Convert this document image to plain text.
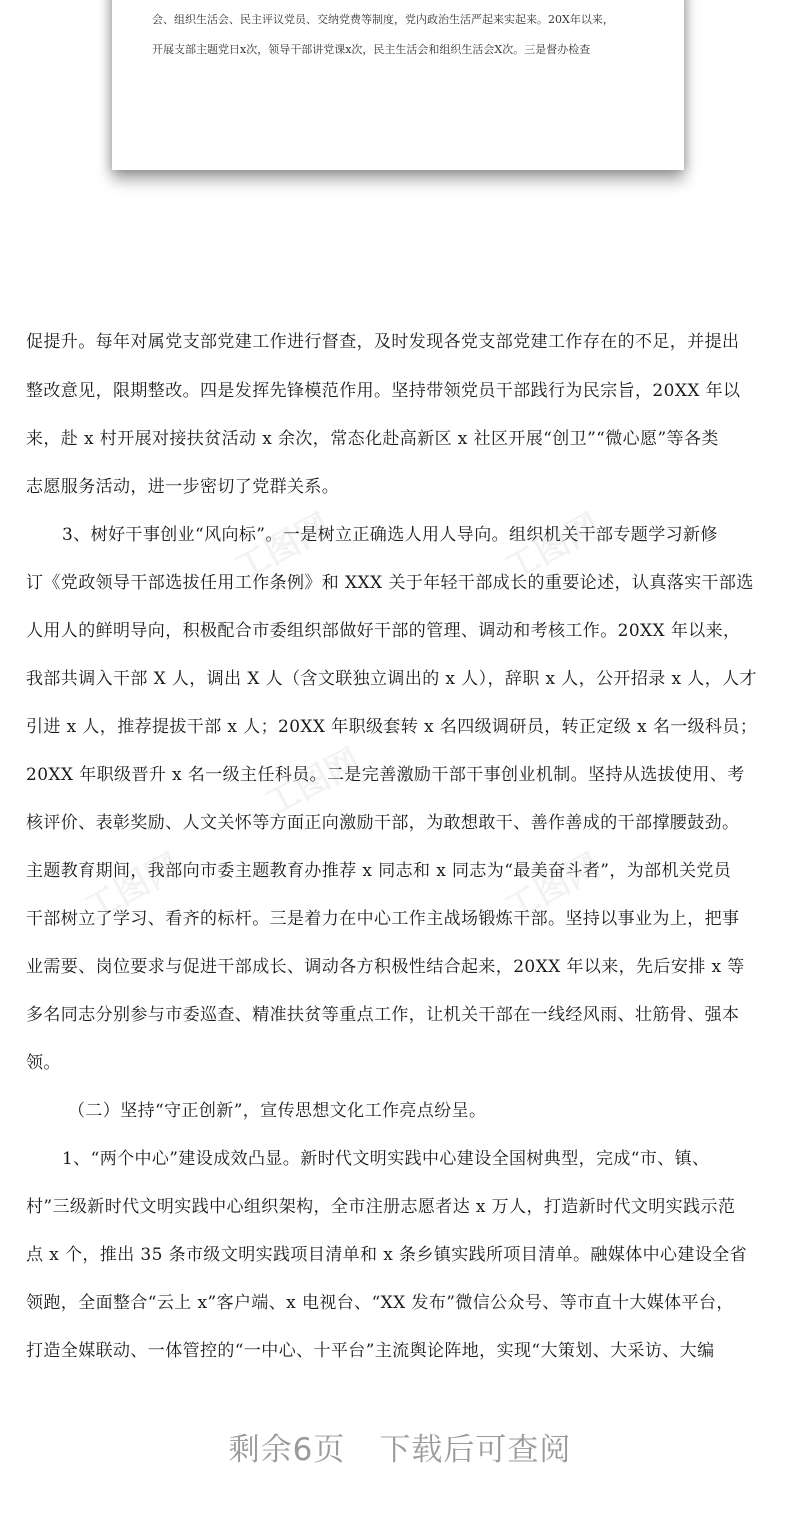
会、组织生活会、民主评议党员、交纳党费等制度，党内政治生活严起来实起来。20X年以来，

开展支部主题党日x次，领导干部讲党课x次，民主生活会和组织生活会X次。三是督办检查

促提升。每年对属党支部党建工作进行督查，及时发现各党支部党建工作存在的不足，并提出

整改意见，限期整改。四是发挥先锋模范作用。坚持带领党员干部践行为民宗旨，20XX 年以

来，赴 x 村开展对接扶贫活动 x 余次，常态化赴高新区 x 社区开展“创卫”“微心愿”等各类

志愿服务活动，进一步密切了党群关系。

3、树好干事创业“风向标”。一是树立正确选人用人导向。组织机关干部专题学习新修

订《党政领导干部选拔任用工作条例》和 XXX 关于年轻干部成长的重要论述，认真落实干部选

人用人的鲜明导向，积极配合市委组织部做好干部的管理、调动和考核工作。20XX 年以来，

我部共调入干部 X 人，调出 X 人（含文联独立调出的 x 人），辞职 x 人，公开招录 x 人，人才

引进 x 人，推荐提拔干部 x 人；20XX 年职级套转 x 名四级调研员，转正定级 x 名一级科员；

20XX 年职级晋升 x 名一级主任科员。二是完善激励干部干事创业机制。坚持从选拔使用、考

核评价、表彰奖励、人文关怀等方面正向激励干部，为敢想敢干、善作善成的干部撑腰鼓劲。

主题教育期间，我部向市委主题教育办推荐 x 同志和 x 同志为“最美奋斗者”，为部机关党员

干部树立了学习、看齐的标杆。三是着力在中心工作主战场锻炼干部。坚持以事业为上，把事

业需要、岗位要求与促进干部成长、调动各方积极性结合起来，20XX 年以来，先后安排 x 等

多名同志分别参与市委巡查、精准扶贫等重点工作，让机关干部在一线经风雨、壮筋骨、强本

领。

（二）坚持“守正创新”，宣传思想文化工作亮点纷呈。

1、“两个中心”建设成效凸显。新时代文明实践中心建设全国树典型，完成“市、镇、

村”三级新时代文明实践中心组织架构，全市注册志愿者达 x 万人，打造新时代文明实践示范

点 x 个，推出 35 条市级文明实践项目清单和 x 条乡镇实践所项目清单。融媒体中心建设全省

领跑，全面整合“云上 x”客户端、x 电视台、“XX 发布”微信公众号、等市直十大媒体平台，

打造全媒联动、一体管控的“一中心、十平台”主流舆论阵地，实现“大策划、大采访、大编

工图网	工图网
工图网
工图网	工图网
剩余6页 下载后可查阅
